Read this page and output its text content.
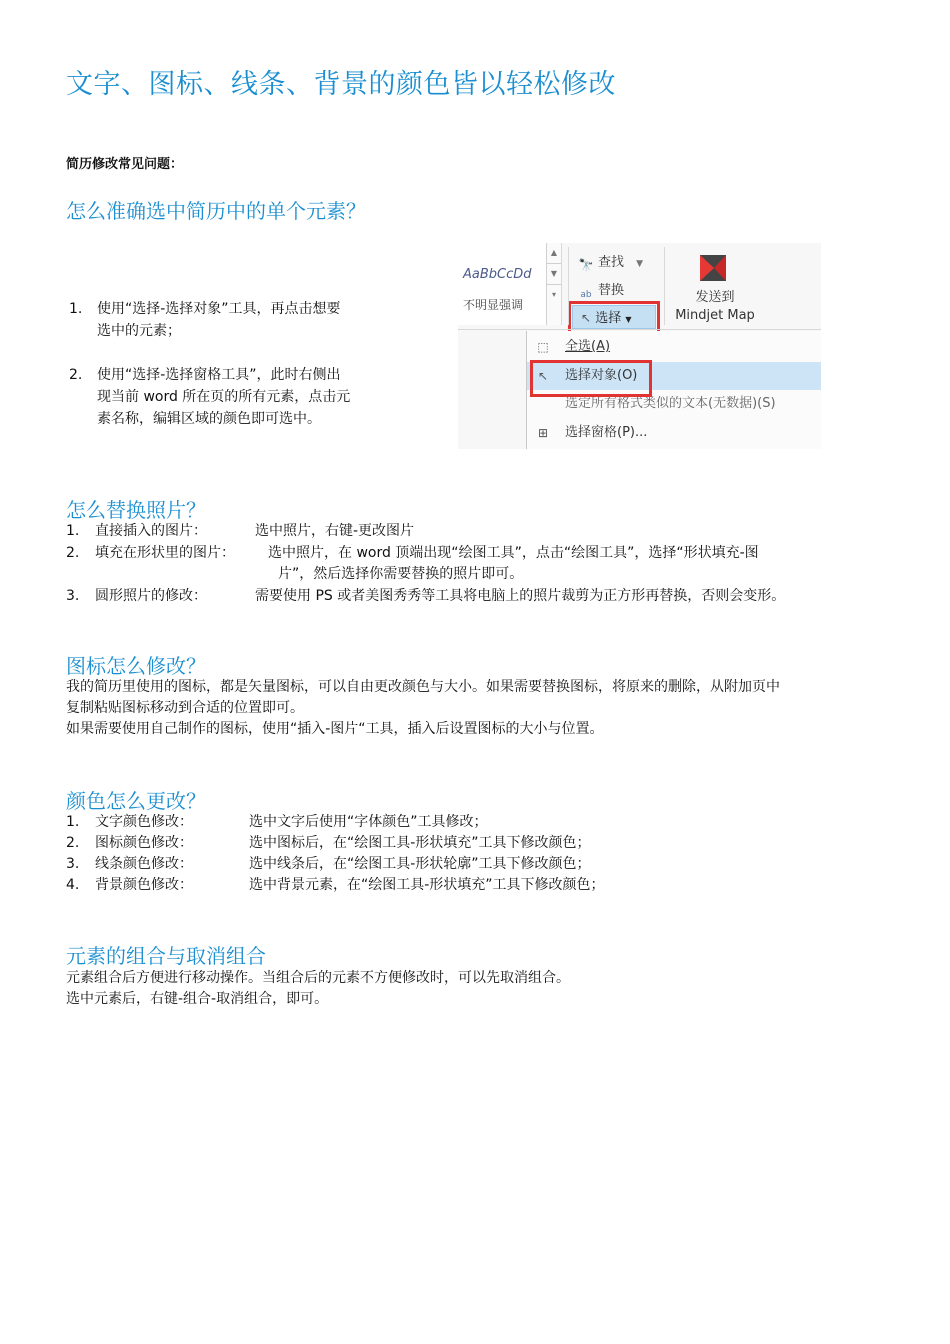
文字、图标、线条、背景的颜色皆以轻松修改
简历修改常见问题：
怎么准确选中简历中的单个元素？
1. 使用“选择-选择对象”工具，再点击想要
选中的元素；
2. 使用“选择-选择窗格工具”，此时右侧出
现当前 word 所在页的所有元素，点击元
素名称，编辑区域的颜色即可选中。
AaBbCcDd
不明显强调
▲
▼
▾
🔭 查找 ▼
ab 替换
↖ 选择 ▼
发送到
Mindjet Map
⬚ 全选(A)
↖ 选择对象(O)
选定所有格式类似的文本(无数据)(S)
⊞ 选择窗格(P)...
怎么替换照片？
1. 直接插入的图片：	选中照片，右键-更改图片
2. 填充在形状里的图片： 选中照片，在 word 顶端出现“绘图工具”，点击“绘图工具”，选择“形状填充-图
片”，然后选择你需要替换的照片即可。
3. 圆形照片的修改：	需要使用 PS 或者美图秀秀等工具将电脑上的照片裁剪为正方形再替换，否则会变形。
图标怎么修改？
我的简历里使用的图标，都是矢量图标，可以自由更改颜色与大小。如果需要替换图标，将原来的删除，从附加页中
复制粘贴图标移动到合适的位置即可。
如果需要使用自己制作的图标，使用“插入-图片“工具，插入后设置图标的大小与位置。
颜色怎么更改？
1. 文字颜色修改：	选中文字后使用“字体颜色”工具修改；
2. 图标颜色修改：	选中图标后，在“绘图工具-形状填充”工具下修改颜色；
3. 线条颜色修改：	选中线条后，在“绘图工具-形状轮廓”工具下修改颜色；
4. 背景颜色修改：	选中背景元素，在“绘图工具-形状填充”工具下修改颜色；
元素的组合与取消组合
元素组合后方便进行移动操作。当组合后的元素不方便修改时，可以先取消组合。
选中元素后，右键-组合-取消组合，即可。
